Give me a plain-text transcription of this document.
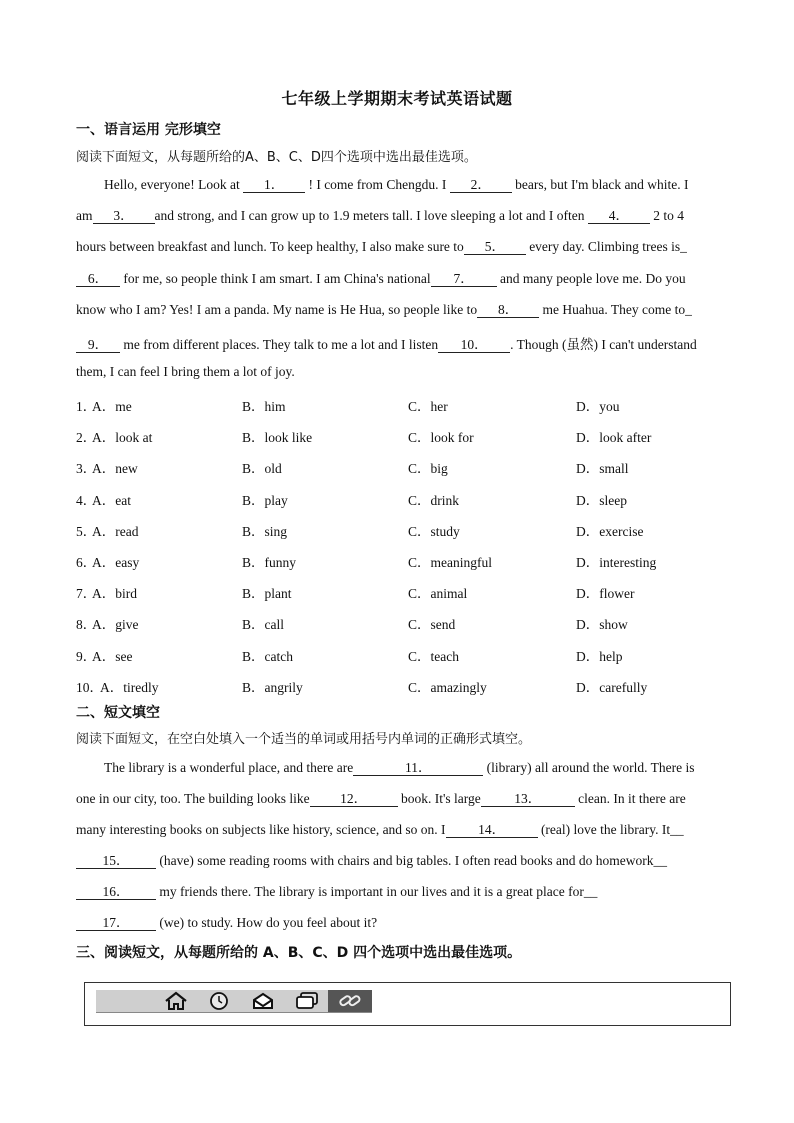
七年级上学期期末考试英语试题
一、语言运用 完形填空
阅读下面短文，从每题所给的A、B、C、D四个选项中选出最佳选项。
Hello, everyone! Look at 1． ! I come from Chengdu. I 2． bears, but I'm black and white. I
am 3． and strong, and I can grow up to 1.9 meters tall. I love sleeping a lot and I often 4． 2 to 4
hours between breakfast and lunch. To keep healthy, I also make sure to 5． every day. Climbing trees is_
6． for me, so people think I am smart. I am China's national 7． and many people love me. Do you
know who I am? Yes! I am a panda. My name is He Hua, so people like to 8． me Huahua. They come to_
9． me from different places. They talk to me a lot and I listen 10． . Though (虽然) I can't understand
them, I can feel I bring them a lot of joy.
1．
A．me	B．him	C．her	D．you
2．
A．look at	B．look like	C．look for	D．look after
3．
A．new	B．old	C．big	D．small
4．
A．eat	B．play	C．drink	D．sleep
5．
A．read	B．sing	C．study	D．exercise
6．
A．easy	B．funny	C．meaningful	D．interesting
7．
A．bird	B．plant	C．animal	D．flower
8．
A．give	B．call	C．send	D．show
9．
A．see	B．catch	C．teach	D．help
10．
A．tiredly	B．angrily	C．amazingly	D．carefully
二、短文填空
阅读下面短文，在空白处填入一个适当的单词或用括号内单词的正确形式填空。
The library is a wonderful place, and there are	11．	(library) all around the world. There is
one in our city, too. The building looks like 12．	book. It's large 13．	clean. In it there are
many interesting books on subjects like history, science, and so on. I 14．	(real) love the library. It__
15． (have) some reading rooms with chairs and big tables. I often read books and do homework__
16． my friends there. The library is important in our lives and it is a great place for__
17． (we) to study. How do you feel about it?
三、阅读短文，从每题所给的 A、B、C、D 四个选项中选出最佳选项。
